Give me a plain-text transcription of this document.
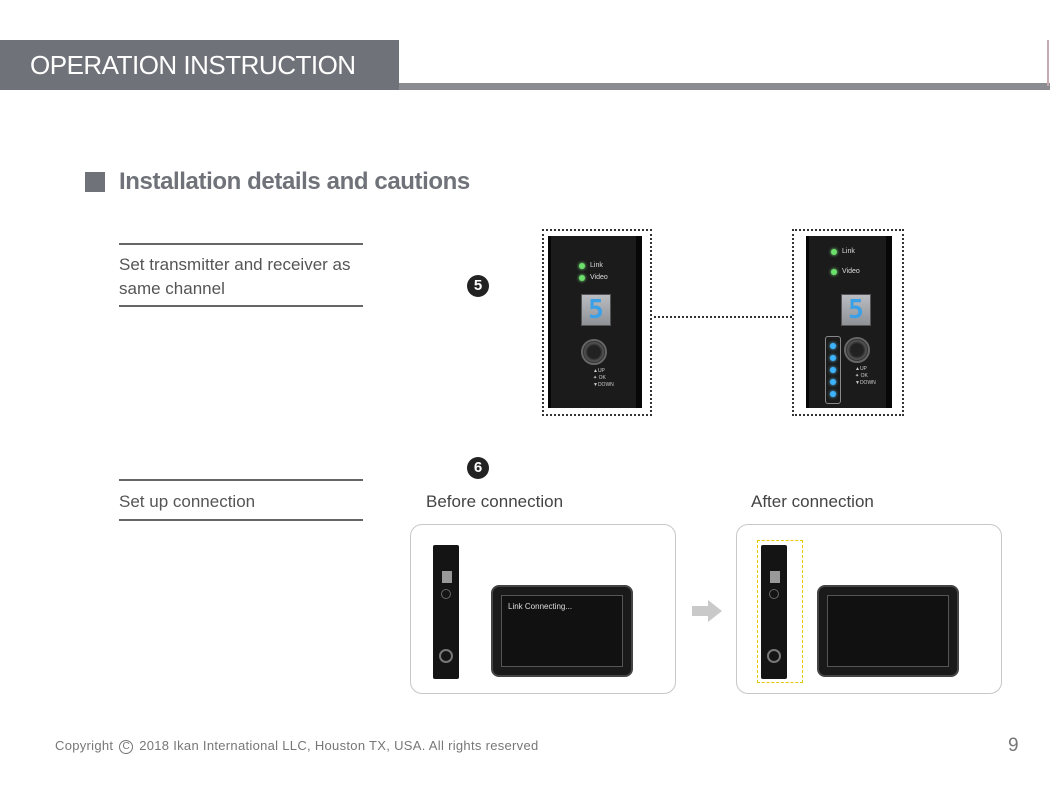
OPERATION INSTRUCTION
Installation details and cautions
Set transmitter and receiver as same channel	5
Link
Video
5
▲UP
✦ OK
▼DOWN
Link
Video
5
▲UP
✦ OK
▼DOWN
6
Set up connection	Before connection	After connection
Link Connecting...
Copyright C 2018 Ikan International LLC, Houston TX, USA. All rights reserved	9
